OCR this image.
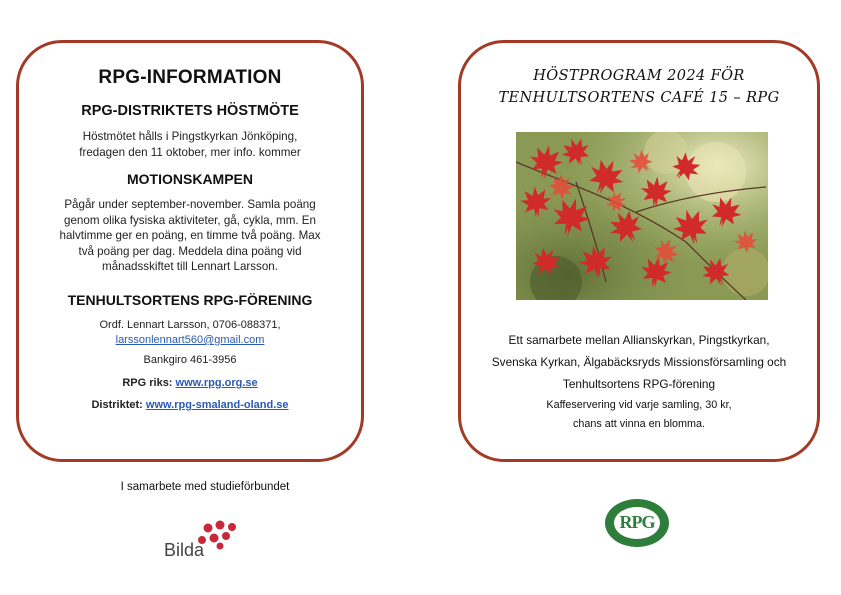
RPG-INFORMATION
RPG-DISTRIKTETS HÖSTMÖTE
Höstmötet hålls i Pingstkyrkan Jönköping,
fredagen den 11 oktober, mer info. kommer
MOTIONSKAMPEN
Pågår under september-november. Samla poäng
genom olika fysiska aktiviteter, gå, cykla, mm. En
halvtimme ger en poäng, en timme två poäng. Max
två poäng per dag. Meddela dina poäng vid
månadsskiftet till Lennart Larsson.
TENHULTSORTENS RPG-FÖRENING
Ordf. Lennart Larsson, 0706-088371,
larssonlennart560@gmail.com
Bankgiro 461-3956
RPG riks: www.rpg.org.se
Distriktet: www.rpg-smaland-oland.se
HÖSTPROGRAM 2024 FÖR
TENHULTSORTENS CAFÉ 15 – RPG
Ett samarbete mellan Allianskyrkan, Pingstkyrkan,
Svenska Kyrkan, Älgabäcksryds Missionsförsamling och
Tenhultsortens RPG-förening
Kaffeservering vid varje samling, 30 kr,
chans att vinna en blomma.
I samarbete med studieförbundet
Bilda
RPG
